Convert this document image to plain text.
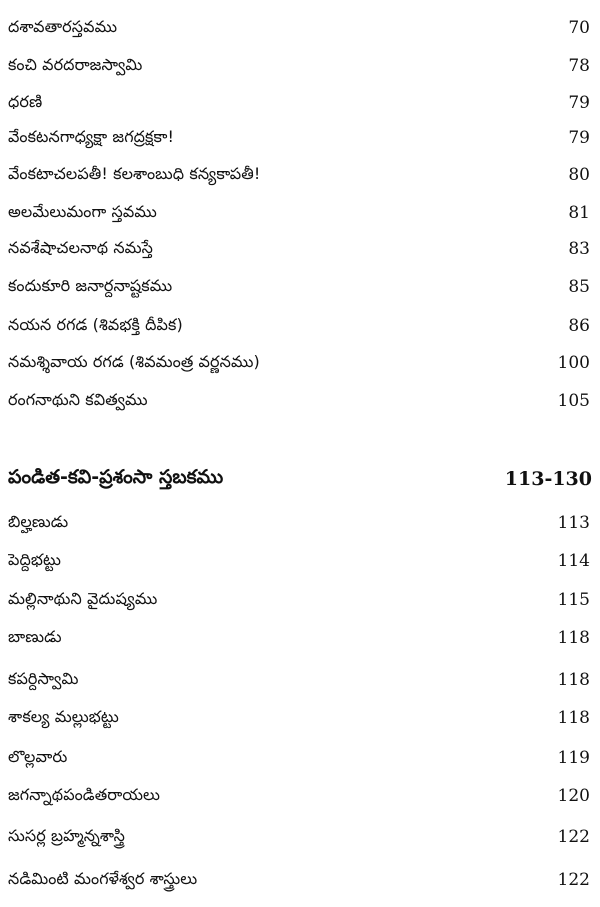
దశావతారస్తవము	70
కంచి వరదరాజస్వామి	78
ధరణి	79
వేంకటనగాధ్యక్షా జగద్రక్షకా!	79
వేంకటాచలపతీ! కలశాంబుధి కన్యకాపతీ!	80
అలమేలుమంగా స్తవము	81
నవశేషాచలనాథ నమస్తే	83
కందుకూరి జనార్దనాష్టకము	85
నయన రగడ (శివభక్తి దీపిక)	86
నమశ్శివాయ రగడ (శివమంత్ర వర్ణనము)	100
రంగనాథుని కవిత్వము	105
పండిత-కవి-ప్రశంసా స్తబకము	113-130
బిల్హణుడు	113
పెద్దిభట్టు	114
మల్లినాథుని వైదుష్యము	115
బాణుడు	118
కపర్దిస్వామి	118
శాకల్య మల్లుభట్టు	118
లొల్లవారు	119
జగన్నాథపండితరాయలు	120
సుసర్ల బ్రహ్మన్నశాస్త్రి	122
నడిమింటి మంగళేశ్వర శాస్త్రులు	122
